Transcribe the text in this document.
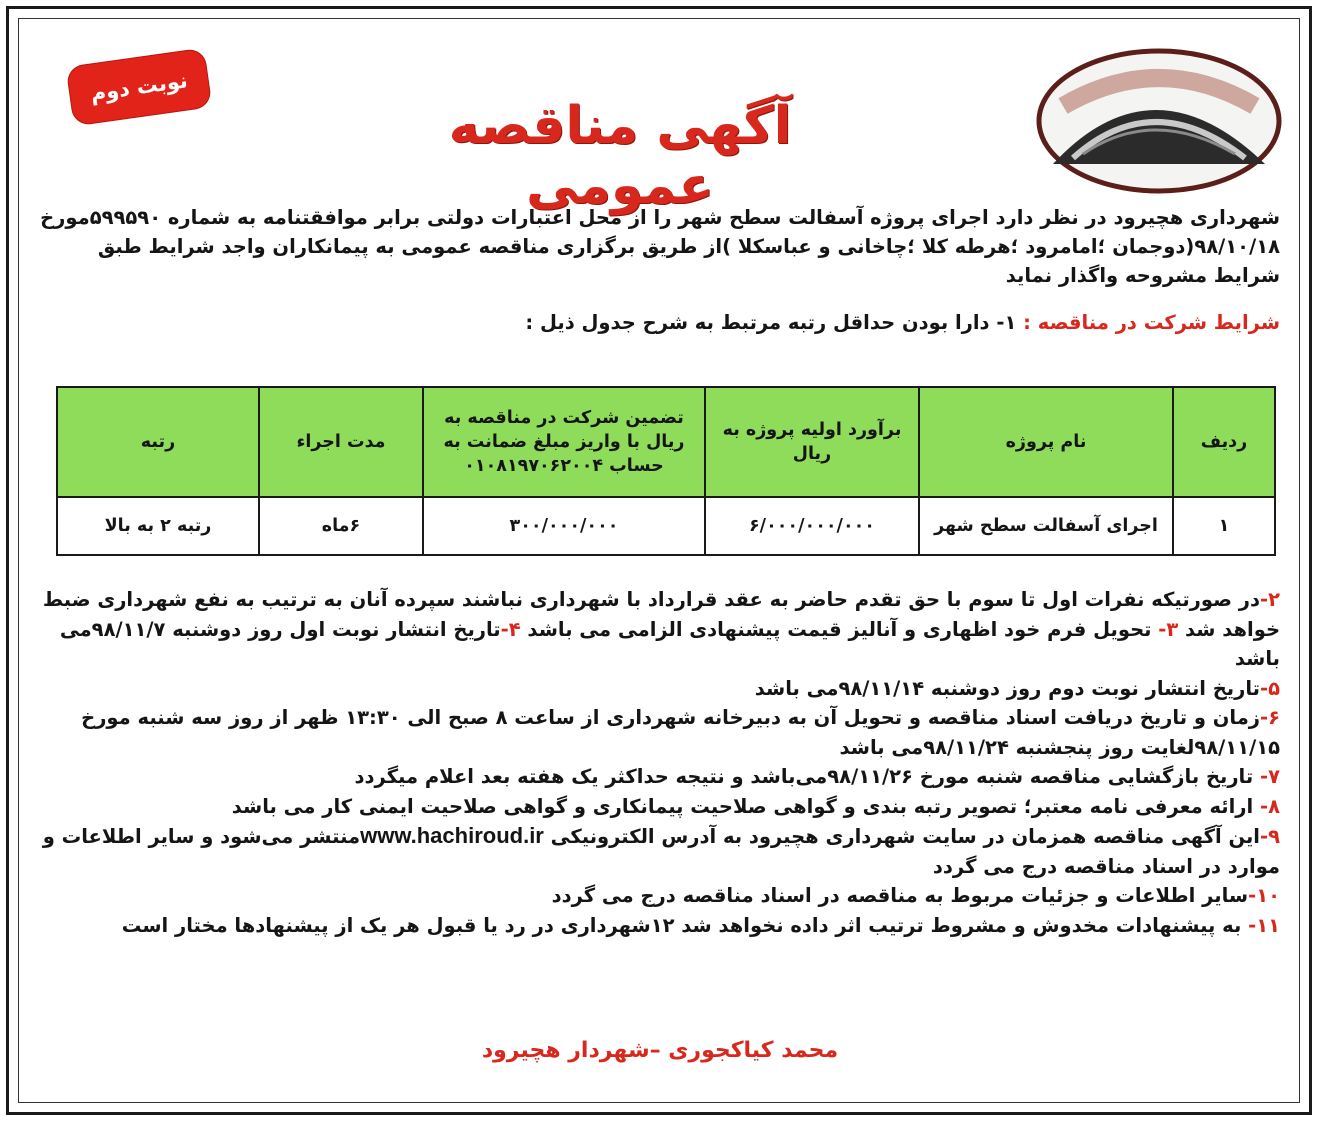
نوبت دوم
آگهی مناقصه عمومی
شهرداری هچیرود در نظر دارد اجرای پروژه آسفالت سطح شهر را از محل اعتبارات دولتی برابر موافقتنامه به شماره ۵۹۹۵۹۰مورخ ۹۸/۱۰/۱۸(دوجمان ؛امامرود ؛هرطه کلا ؛چاخانی و عباسکلا )از طریق برگزاری مناقصه عمومی به پیمانکاران واجد شرایط طبق شرایط مشروحه واگذار نماید
شرایط شرکت در مناقصه : ۱- دارا بودن حداقل رتبه مرتبط به شرح جدول ذیل :
ردیف	نام پروژه	برآورد اولیه پروژه به ریال	تضمین شرکت در مناقصه به ریال با واریز مبلغ ضمانت به حساب ۰۱۰۸۱۹۷۰۶۲۰۰۴	مدت اجراء	رتبه
۱	اجرای آسفالت سطح شهر	۶/۰۰۰/۰۰۰/۰۰۰	۳۰۰/۰۰۰/۰۰۰	۶ماه	رتبه ۲ به بالا
۲-در صورتیکه نفرات اول تا سوم با حق تقدم حاضر به عقد قرارداد با شهرداری نباشند سپرده آنان به ترتیب به نفع شهرداری ضبط خواهد شد ۳- تحویل فرم خود اظهاری و آنالیز قیمت پیشنهادی الزامی می باشد ۴-تاریخ انتشار نوبت اول روز دوشنبه ۹۸/۱۱/۷می باشد
۵-تاریخ انتشار نوبت دوم روز دوشنبه ۹۸/۱۱/۱۴می باشد
۶-زمان و تاریخ دریافت اسناد مناقصه و تحویل آن به دبیرخانه شهرداری از ساعت ۸ صبح الی ۱۳:۳۰ ظهر از روز سه شنبه مورخ ۹۸/۱۱/۱۵لغایت روز پنجشنبه ۹۸/۱۱/۲۴می باشد
۷- تاریخ بازگشایی مناقصه شنبه مورخ ۹۸/۱۱/۲۶می‌باشد و نتیجه حداکثر یک هفته بعد اعلام میگردد
۸- ارائه معرفی نامه معتبر؛ تصویر رتبه بندی و گواهی صلاحیت پیمانکاری و گواهی صلاحیت ایمنی کار می باشد
۹-این آگهی مناقصه همزمان در سایت شهرداری هچیرود به آدرس الکترونیکی www.hachiroud.irمنتشر می‌شود و سایر اطلاعات و موارد در اسناد مناقصه درج می گردد
۱۰-سایر اطلاعات و جزئیات مربوط به مناقصه در اسناد مناقصه درج می گردد
۱۱- به پیشنهادات مخدوش و مشروط ترتیب اثر داده نخواهد شد ۱۲شهرداری در رد یا قبول هر یک از پیشنهادها مختار است
محمد کیاکجوری –شهردار هچیرود
